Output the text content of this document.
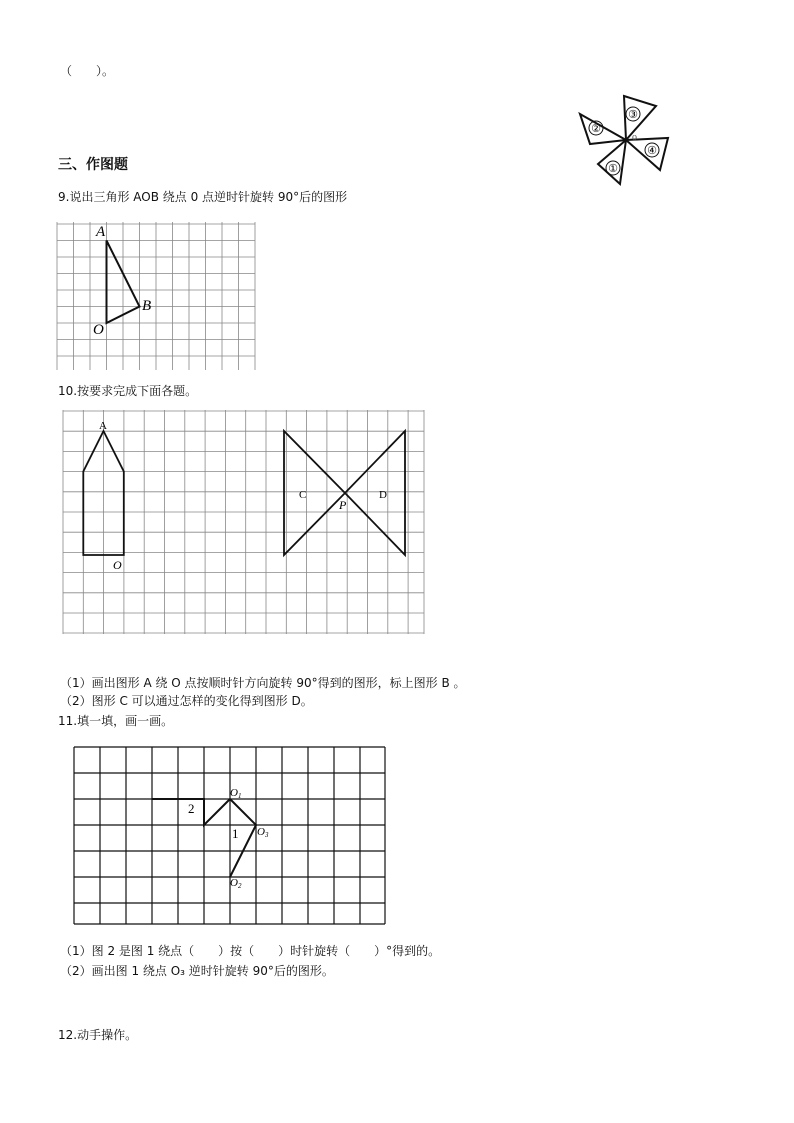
（　　）。
三、作图题
9.说出三角形 AOB 绕点 0 点逆时针旋转 90°后的图形
10.按要求完成下面各题。
（1）画出图形 A 绕 O 点按顺时针方向旋转 90°得到的图形，标上图形 B 。
（2）图形 C 可以通过怎样的变化得到图形 D。
11.填一填，画一画。
（1）图 2 是图 1 绕点（　　）按（　　）时针旋转（　　）°得到的。
（2）画出图 1 绕点 O₃ 逆时针旋转 90°后的图形。
12.动手操作。
③
②
④
①
o
A
B
O
A
O
C	D
P
2
1
O1
O3
O2
